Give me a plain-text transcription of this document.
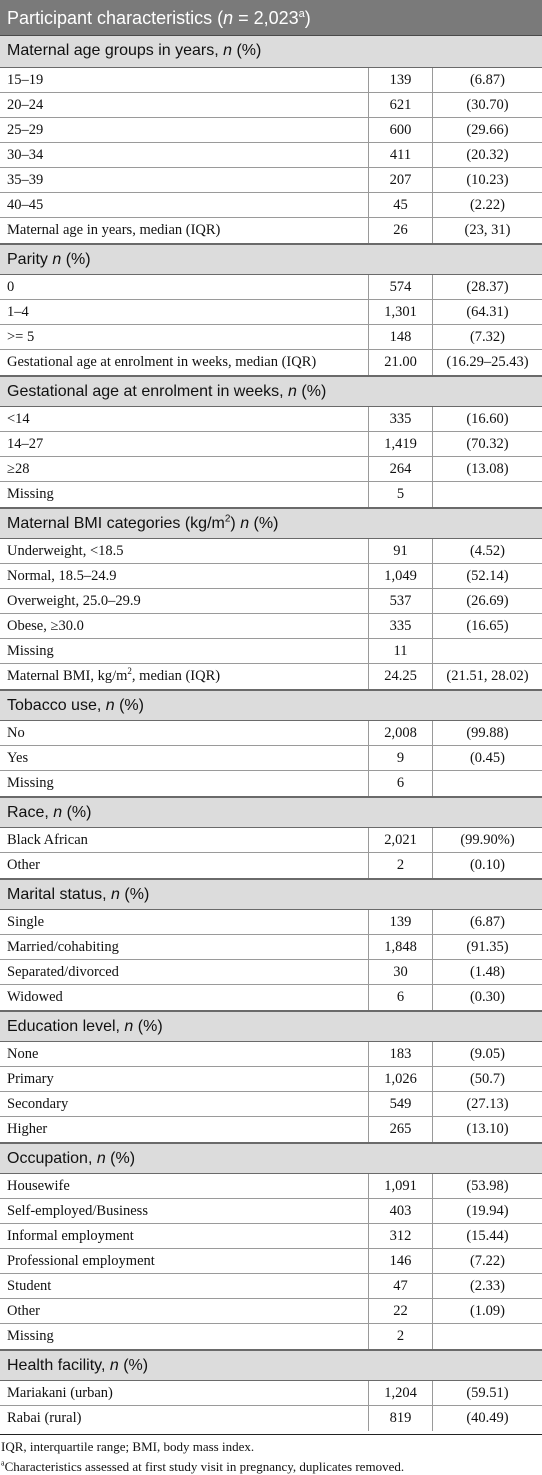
Participant characteristics (n = 2,023$^a$)
Maternal age groups in years, n (%)
15–19	139	(6.87)
20–24	621	(30.70)
25–29	600	(29.66)
30–34	411	(20.32)
35–39	207	(10.23)
40–45	45	(2.22)
Maternal age in years, median (IQR)	26	(23, 31)
Parity n (%)
0	574	(28.37)
1–4	1,301	(64.31)
>= 5	148	(7.32)
Gestational age at enrolment in weeks, median (IQR)	21.00	(16.29–25.43)
Gestational age at enrolment in weeks, n (%)
<14	335	(16.60)
14–27	1,419	(70.32)
≥28	264	(13.08)
Missing	5
Maternal BMI categories $(kg/m^2)$ n (%)
Underweight, <18.5	91	(4.52)
Normal, 18.5–24.9	1,049	(52.14)
Overweight, 25.0–29.9	537	(26.69)
Obese, ≥30.0	335	(16.65)
Missing	11
Maternal BMI, $kg/m^2$, median (IQR)	24.25	(21.51, 28.02)
Tobacco use, n (%)
No	2,008	(99.88)
Yes	9	(0.45)
Missing	6
Race, n (%)
Black African	2,021	(99.90%)
Other	2	(0.10)
Marital status, n (%)
Single	139	(6.87)
Married/cohabiting	1,848	(91.35)
Separated/divorced	30	(1.48)
Widowed	6	(0.30)
Education level, n (%)
None	183	(9.05)
Primary	1,026	(50.7)
Secondary	549	(27.13)
Higher	265	(13.10)
Occupation, n (%)
Housewife	1,091	(53.98)
Self-employed/Business	403	(19.94)
Informal employment	312	(15.44)
Professional employment	146	(7.22)
Student	47	(2.33)
Other	22	(1.09)
Missing	2
Health facility, n (%)
Mariakani (urban)	1,204	(59.51)
Rabai (rural)	819	(40.49)
IQR, interquartile range; BMI, body mass index.
$^a$Characteristics assessed at first study visit in pregnancy, duplicates removed.
